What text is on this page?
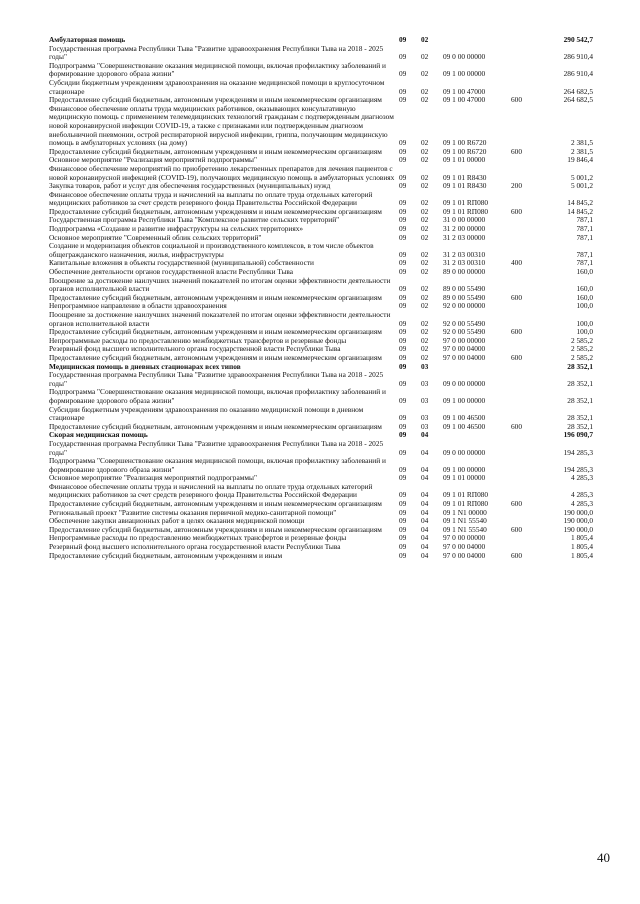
Амбулаторная помощь	09	02			290 542,7
Государственная программа Республики Тыва "Развитие здравоохранения Республики Тыва на 2018 - 2025 годы"	09	02	09 0 00 00000		286 910,4
Подпрограмма "Совершенствование оказания медицинской помощи, включая профилактику заболеваний и формирование здорового образа жизни"	09	02	09 1 00 00000		286 910,4
Субсидии бюджетным учреждениям здравоохранения на оказание медицинской помощи в круглосуточном стационаре	09	02	09 1 00 47000		264 682,5
Предоставление субсидий бюджетным, автономным учреждениям и иным некоммерческим организациям	09	02	09 1 00 47000	600	264 682,5
Финансовое обеспечение оплаты труда медицинских работников, оказывающих консультативную медицинскую помощь с применением телемедицинских технологий гражданам с подтвержденным диагнозом новой коронавирусной инфекции COVID-19, а также с признаками или подтвержденным диагнозом внебольничной пневмонии, острой респираторной вирусной инфекции, гриппа, получающим медицинскую помощь в амбулаторных условиях (на дому)	09	02	09 1 00 R6720		2 381,5
Предоставление субсидий бюджетным, автономным учреждениям и иным некоммерческим организациям	09	02	09 1 00 R6720	600	2 381,5
Основное мероприятие "Реализация мероприятий подпрограммы"	09	02	09 1 01 00000		19 846,4
Финансовое обеспечение мероприятий по приобретению лекарственных препаратов для лечения пациентов с новой коронавирусной инфекцией (COVID-19), получающих медицинскую помощь в амбулаторных условиях	09	02	09 1 01 R8430		5 001,2
Закупка товаров, работ и услуг для обеспечения государственных (муниципальных) нужд	09	02	09 1 01 R8430	200	5 001,2
Финансовое обеспечение оплаты труда и начислений на выплаты по оплате труда отдельных категорий медицинских работников за счет средств резервного фонда Правительства Российской Федерации	09	02	09 1 01 RП080		14 845,2
Предоставление субсидий бюджетным, автономным учреждениям и иным некоммерческим организациям	09	02	09 1 01 RП080	600	14 845,2
Государственная программа Республики Тыва "Комплексное развитие сельских территорий"	09	02	31 0 00 00000		787,1
Подпрограмма «Создание и развитие инфраструктуры на сельских территориях»	09	02	31 2 00 00000		787,1
Основное мероприятие "Современный облик сельских территорий"	09	02	31 2 03 00000		787,1
Создание и модернизация объектов социальной и производственного комплексов, в том числе объектов общегражданского назначения, жилья, инфраструктуры	09	02	31 2 03 00310		787,1
Капитальные вложения в объекты государственной (муниципальной) собственности	09	02	31 2 03 00310	400	787,1
Обеспечение деятельности органов государственной власти Республики Тыва	09	02	89 0 00 00000		160,0
Поощрение за достижение наилучших значений показателей по итогам оценки эффективности деятельности органов исполнительной власти	09	02	89 0 00 55490		160,0
Предоставление субсидий бюджетным, автономным учреждениям и иным некоммерческим организациям	09	02	89 0 00 55490	600	160,0
Непрограммное направление в области здравоохранения	09	02	92 0 00 00000		100,0
Поощрение за достижение наилучших значений показателей по итогам оценки эффективности деятельности органов исполнительной власти	09	02	92 0 00 55490		100,0
Предоставление субсидий бюджетным, автономным учреждениям и иным некоммерческим организациям	09	02	92 0 00 55490	600	100,0
Непрограммные расходы по предоставлению межбюджетных трансфертов и резервные фонды	09	02	97 0 00 00000		2 585,2
Резервный фонд высшего исполнительного органа государственной власти Республики Тыва	09	02	97 0 00 04000		2 585,2
Предоставление субсидий бюджетным, автономным учреждениям и иным некоммерческим организациям	09	02	97 0 00 04000	600	2 585,2
Медицинская помощь в дневных стационарах всех типов	09	03			28 352,1
Государственная программа Республики Тыва "Развитие здравоохранения Республики Тыва на 2018 - 2025 годы"	09	03	09 0 00 00000		28 352,1
Подпрограмма "Совершенствование оказания медицинской помощи, включая профилактику заболеваний и формирование здорового образа жизни"	09	03	09 1 00 00000		28 352,1
Субсидии бюджетным учреждениям здравоохранения по оказанию медицинской помощи в дневном стационаре	09	03	09 1 00 46500		28 352,1
Предоставление субсидий бюджетным, автономным учреждениям и иным некоммерческим организациям	09	03	09 1 00 46500	600	28 352,1
Скорая медицинская помощь	09	04			196 090,7
Государственная программа Республики Тыва "Развитие здравоохранения Республики Тыва на 2018 - 2025 годы"	09	04	09 0 00 00000		194 285,3
Подпрограмма "Совершенствование оказания медицинской помощи, включая профилактику заболеваний и формирование здорового образа жизни"	09	04	09 1 00 00000		194 285,3
Основное мероприятие "Реализация мероприятий подпрограммы"	09	04	09 1 01 00000		4 285,3
Финансовое обеспечение оплаты труда и начислений на выплаты по оплате труда отдельных категорий медицинских работников за счет средств резервного фонда Правительства Российской Федерации	09	04	09 1 01 RП080		4 285,3
Предоставление субсидий бюджетным, автономным учреждениям и иным некоммерческим организациям	09	04	09 1 01 RП080	600	4 285,3
Региональный проект "Развитие системы оказания первичной медико-санитарной помощи"	09	04	09 1 N1 00000		190 000,0
Обеспечение закупки авиационных работ в целях оказания медицинской помощи	09	04	09 1 N1 55540		190 000,0
Предоставление субсидий бюджетным, автономным учреждениям и иным некоммерческим организациям	09	04	09 1 N1 55540	600	190 000,0
Непрограммные расходы по предоставлению межбюджетных трансфертов и резервные фонды	09	04	97 0 00 00000		1 805,4
Резервный фонд высшего исполнительного органа государственной власти Республики Тыва	09	04	97 0 00 04000		1 805,4
Предоставление субсидий бюджетным, автономным учреждениям и иным	09	04	97 0 00 04000	600	1 805,4
40
